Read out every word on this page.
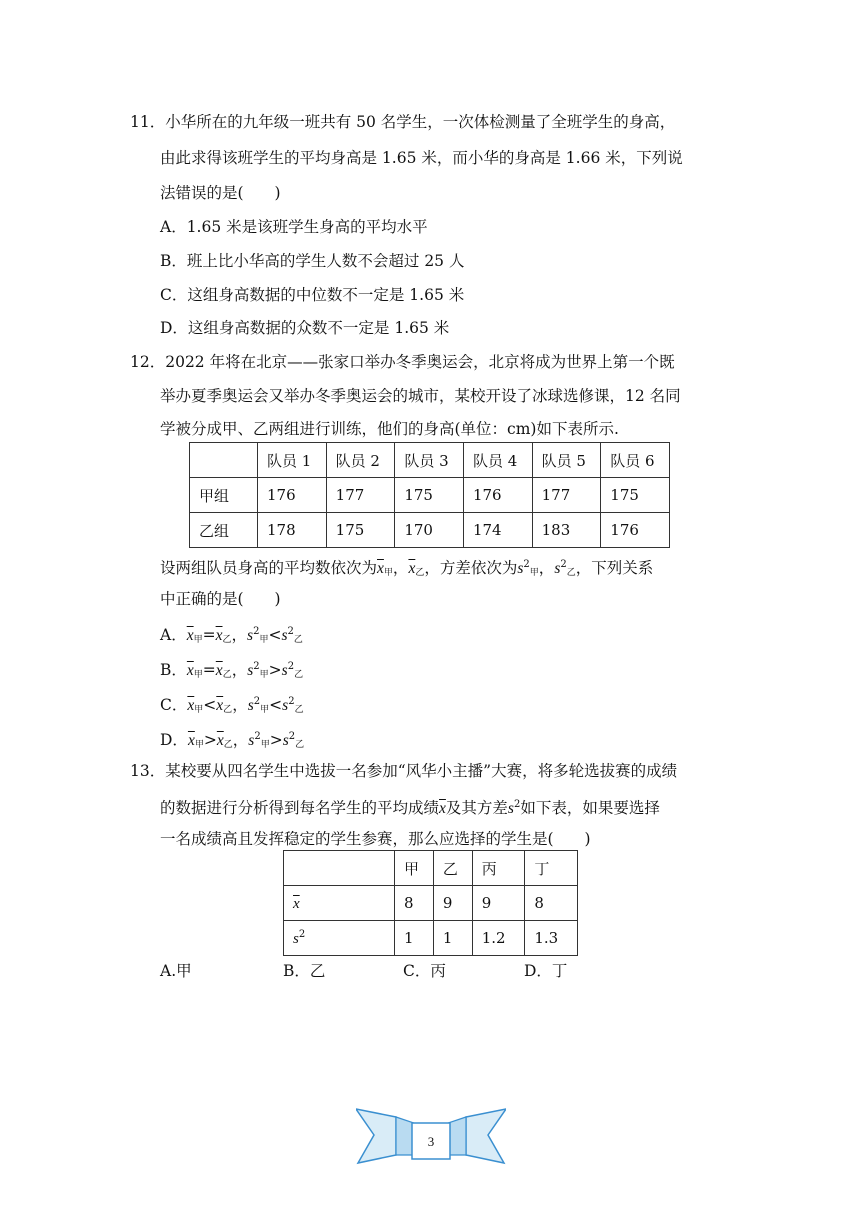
11．小华所在的九年级一班共有 50 名学生，一次体检测量了全班学生的身高，
由此求得该班学生的平均身高是 1.65 米，而小华的身高是 1.66 米，下列说
法错误的是(　　)
A．1.65 米是该班学生身高的平均水平
B．班上比小华高的学生人数不会超过 25 人
C．这组身高数据的中位数不一定是 1.65 米
D．这组身高数据的众数不一定是 1.65 米
12．2022 年将在北京——张家口举办冬季奥运会，北京将成为世界上第一个既
举办夏季奥运会又举办冬季奥运会的城市，某校开设了冰球选修课，12 名同
学被分成甲、乙两组进行训练，他们的身高(单位：cm)如下表所示.
	队员 1	队员 2	队员 3	队员 4	队员 5	队员 6
甲组	176	177	175	176	177	175
乙组	178	175	170	174	183	176
设两组队员身高的平均数依次为$\overline{x}_甲$，$\overline{x}_乙$，方差依次为$s^2_甲$，$s^2_乙$，下列关系
中正确的是(　　)
A．$\overline{x}_甲=\overline{x}_乙$，$s^2_甲<s^2_乙$
B．$\overline{x}_甲=\overline{x}_乙$，$s^2_甲>s^2_乙$
C．$\overline{x}_甲<\overline{x}_乙$，$s^2_甲<s^2_乙$
D．$\overline{x}_甲>\overline{x}_乙$，$s^2_甲>s^2_乙$
13．某校要从四名学生中选拔一名参加“风华小主播”大赛，将多轮选拔赛的成绩
的数据进行分析得到每名学生的平均成绩$\overline{x}$及其方差$s^2$如下表，如果要选择
一名成绩高且发挥稳定的学生参赛，那么应选择的学生是(　　)
	甲	乙	丙	丁
$\overline{x}$	8	9	9	8
$s^2$	1	1	1.2	1.3
A.甲	B．乙	C．丙	D．丁
3
